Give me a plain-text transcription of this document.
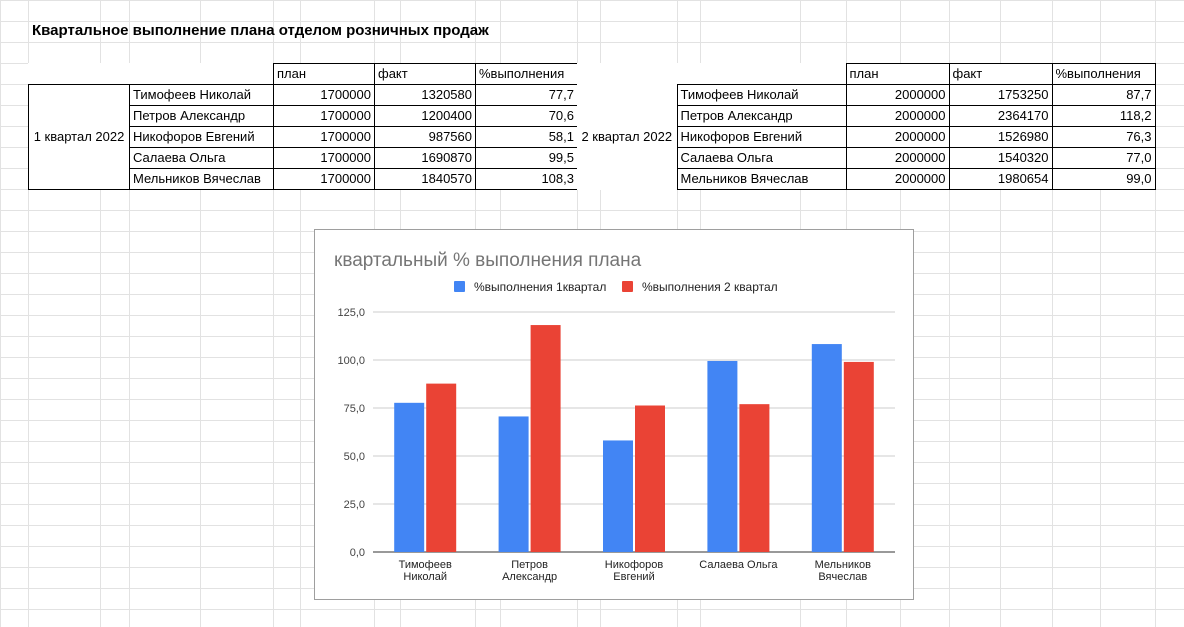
Квартальное выполнение плана отделом розничных продаж
		план	факт	%выполнения
1 квартал 2022	Тимофеев Николай	1700000	1320580	77,7
	Петров Александр	1700000	1200400	70,6
	Никофоров Евгений	1700000	987560	58,1
	Салаева Ольга	1700000	1690870	99,5
	Мельников Вячеслав	1700000	1840570	108,3
		план	факт	%выполнения
2 квартал 2022	Тимофеев Николай	2000000	1753250	87,7
	Петров Александр	2000000	2364170	118,2
	Никофоров Евгений	2000000	1526980	76,3
	Салаева Ольга	2000000	1540320	77,0
	Мельников Вячеслав	2000000	1980654	99,0
квартальный % выполнения плана
%выполнения 1квартал	%выполнения 2 квартал
0,0
25,0
50,0
75,0
100,0
125,0
Тимофеев
Николай
Петров
Александр
Никофоров
Евгений
Салаева Ольга	Мельников
Вячеслав
